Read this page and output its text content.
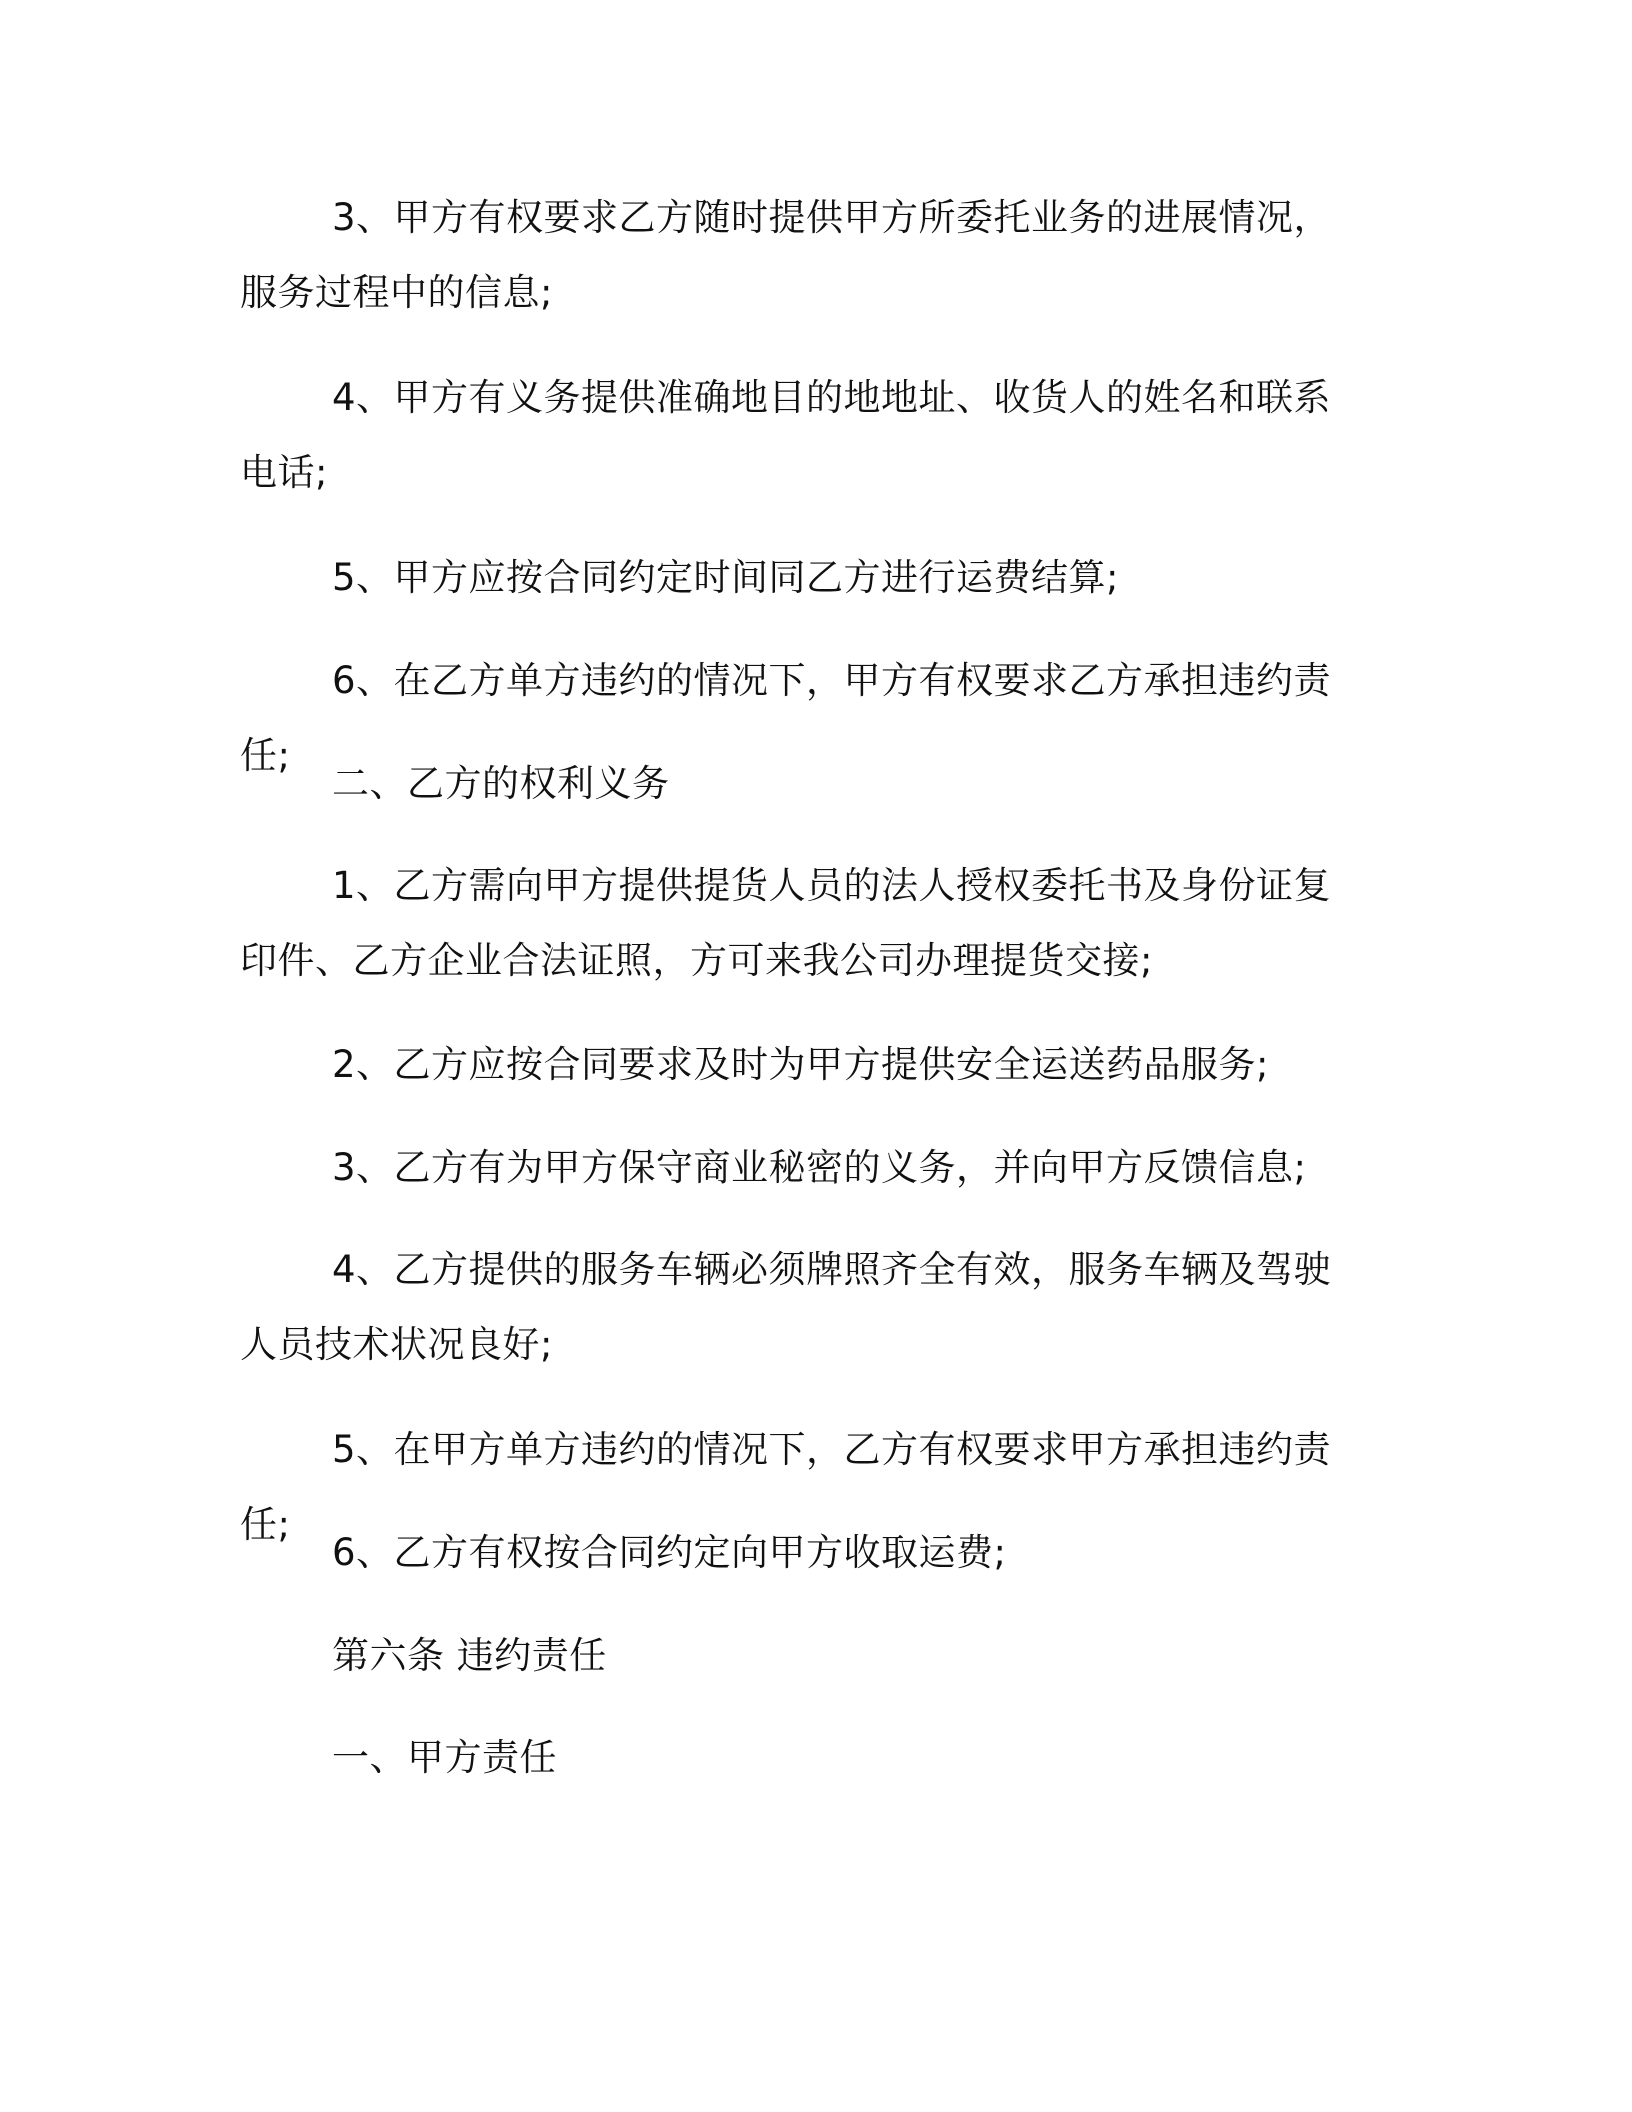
3、甲方有权要求乙方随时提供甲方所委托业务的进展情况，服务过程中的信息;

4、甲方有义务提供准确地目的地地址、收货人的姓名和联系电话;

5、甲方应按合同约定时间同乙方进行运费结算;

6、在乙方单方违约的情况下，甲方有权要求乙方承担违约责任;

二、乙方的权利义务

1、乙方需向甲方提供提货人员的法人授权委托书及身份证复印件、乙方企业合法证照，方可来我公司办理提货交接;

2、乙方应按合同要求及时为甲方提供安全运送药品服务;

3、乙方有为甲方保守商业秘密的义务，并向甲方反馈信息;

4、乙方提供的服务车辆必须牌照齐全有效，服务车辆及驾驶人员技术状况良好;

5、在甲方单方违约的情况下，乙方有权要求甲方承担违约责任;

6、乙方有权按合同约定向甲方收取运费;

第六条 违约责任

一、甲方责任
